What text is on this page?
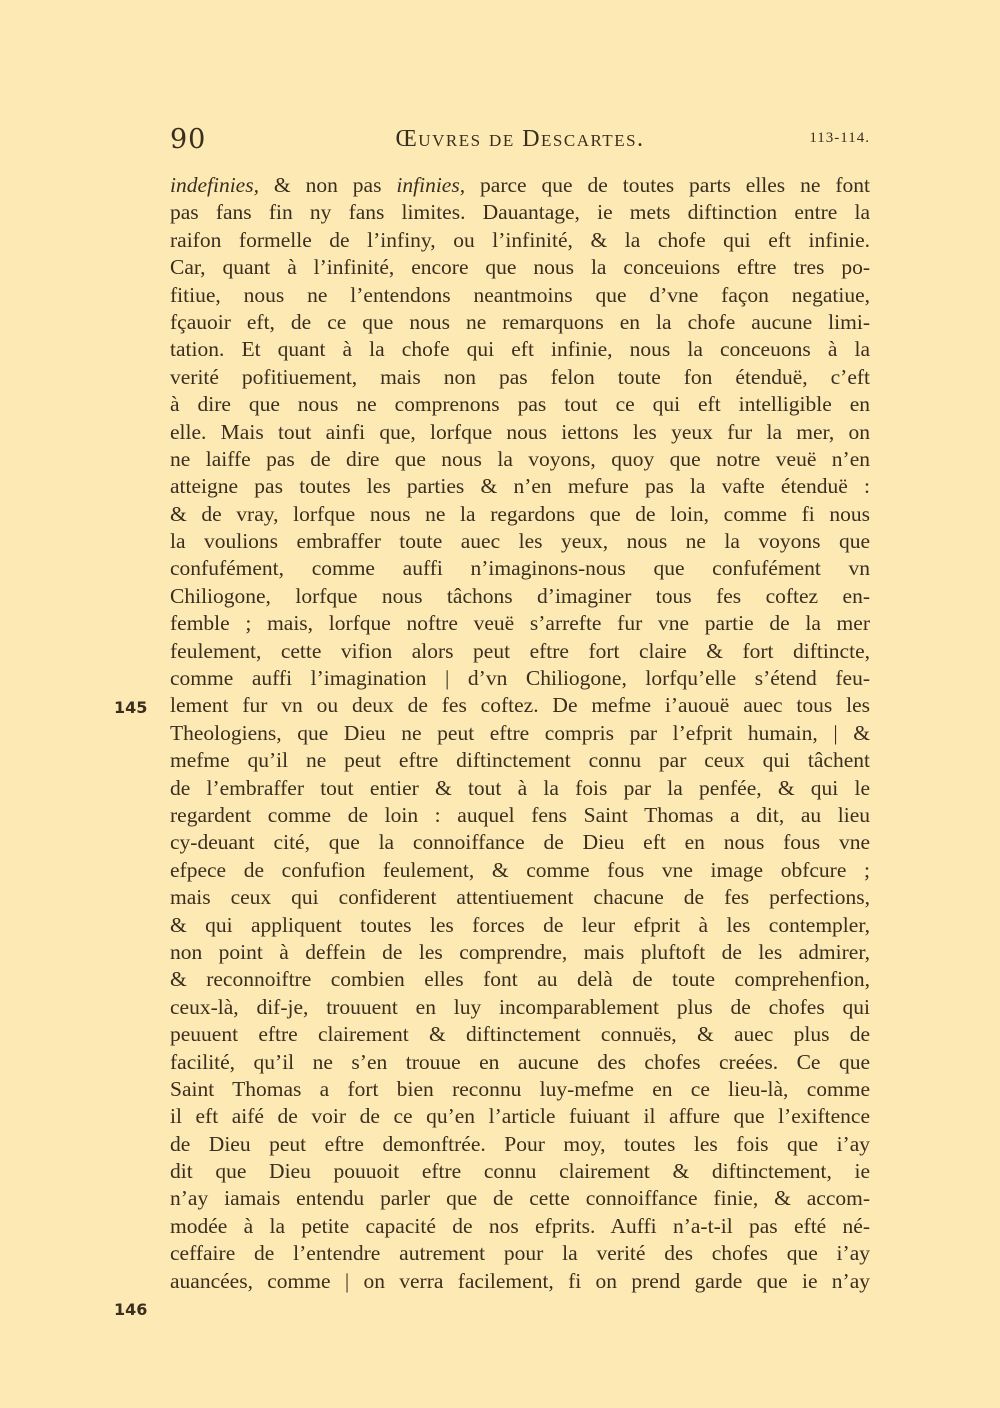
90	Œuvres de Descartes.	113-114.
indefinies, & non pas infinies, parce que de toutes parts elles ne font
pas fans fin ny fans limites. Dauantage, ie mets diftinction entre la
raifon formelle de l’infiny, ou l’infinité, & la chofe qui eft infinie.
Car, quant à l’infinité, encore que nous la conceuions eftre tres po-
fitiue, nous ne l’entendons neantmoins que d’vne façon negatiue,
fçauoir eft, de ce que nous ne remarquons en la chofe aucune limi-
tation. Et quant à la chofe qui eft infinie, nous la conceuons à la
verité pofitiuement, mais non pas felon toute fon étenduë, c’eft
à dire que nous ne comprenons pas tout ce qui eft intelligible en
elle. Mais tout ainfi que, lorfque nous iettons les yeux fur la mer, on
ne laiffe pas de dire que nous la voyons, quoy que notre veuë n’en
atteigne pas toutes les parties & n’en mefure pas la vafte étenduë :
& de vray, lorfque nous ne la regardons que de loin, comme fi nous
la voulions embraffer toute auec les yeux, nous ne la voyons que
confufément, comme auffi n’imaginons-nous que confufément vn
Chiliogone, lorfque nous tâchons d’imaginer tous fes coftez en-
femble ; mais, lorfque noftre veuë s’arrefte fur vne partie de la mer
feulement, cette vifion alors peut eftre fort claire & fort diftincte,
comme auffi l’imagination | d’vn Chiliogone, lorfqu’elle s’étend feu-
lement fur vn ou deux de fes coftez. De mefme i’auouë auec tous les
Theologiens, que Dieu ne peut eftre compris par l’efprit humain, | &
mefme qu’il ne peut eftre diftinctement connu par ceux qui tâchent
de l’embraffer tout entier & tout à la fois par la penfée, & qui le
regardent comme de loin : auquel fens Saint Thomas a dit, au lieu
cy-deuant cité, que la connoiffance de Dieu eft en nous fous vne
efpece de confufion feulement, & comme fous vne image obfcure ;
mais ceux qui confiderent attentiuement chacune de fes perfections,
& qui appliquent toutes les forces de leur efprit à les contempler,
non point à deffein de les comprendre, mais pluftoft de les admirer,
& reconnoiftre combien elles font au delà de toute comprehenfion,
ceux-là, dif-je, trouuent en luy incomparablement plus de chofes qui
peuuent eftre clairement & diftinctement connuës, & auec plus de
facilité, qu’il ne s’en trouue en aucune des chofes creées. Ce que
Saint Thomas a fort bien reconnu luy-mefme en ce lieu-là, comme
il eft aifé de voir de ce qu’en l’article fuiuant il affure que l’exiftence
de Dieu peut eftre demonftrée. Pour moy, toutes les fois que i’ay
dit que Dieu pouuoit eftre connu clairement & diftinctement, ie
n’ay iamais entendu parler que de cette connoiffance finie, & accom-
modée à la petite capacité de nos efprits. Auffi n’a-t-il pas efté né-
ceffaire de l’entendre autrement pour la verité des chofes que i’ay
auancées, comme | on verra facilement, fi on prend garde que ie n’ay
145
146
